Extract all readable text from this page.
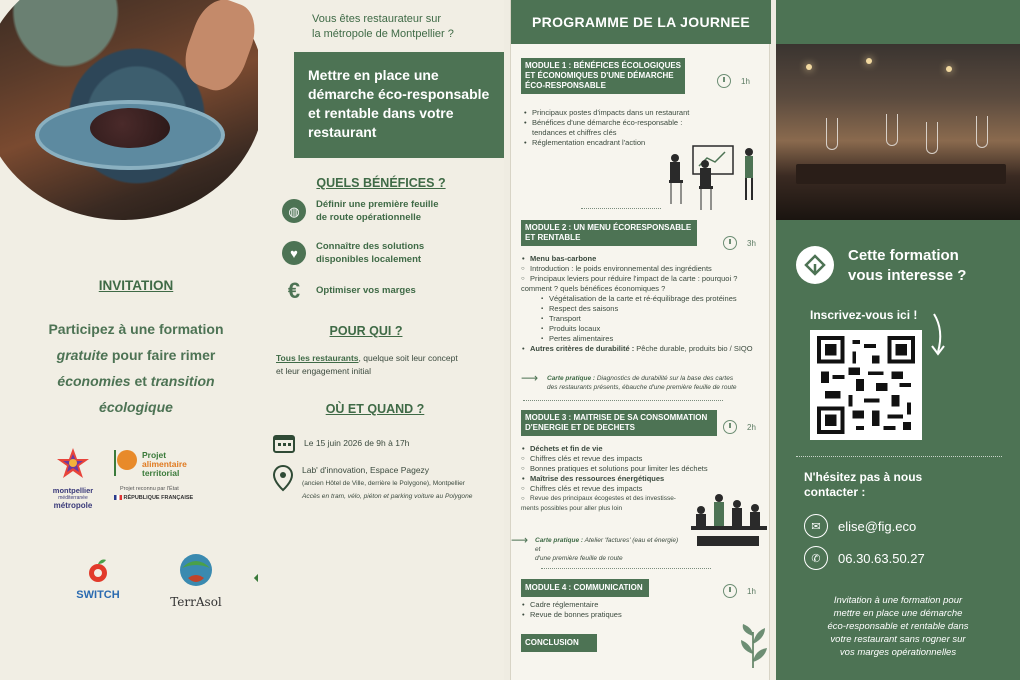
INVITATION
Participez à une formation
gratuite pour faire rimer
économies et transition
écologique
montpellier
méditerranée
métropole
Projet
alimentaire
territorial
Projet reconnu par l'État
RÉPUBLIQUE FRANÇAISE
SWITCH	TerrAsol
Vous êtes restaurateur sur
la métropole de Montpellier ?
Mettre en place une
démarche éco-responsable
et rentable dans votre
restaurant
QUELS BÉNÉFICES ?
◍	Définir une première feuille
de route opérationnelle
♥	Connaître des solutions
disponibles localement
€	Optimiser vos marges
POUR QUI ?
Tous les restaurants, quelque soit leur concept
et leur engagement initial
OÙ ET QUAND ?
Le 15 juin 2026 de 9h à 17h
Lab' d'innovation, Espace Pagezy
(ancien Hôtel de Ville, derrière le Polygone), Montpellier
Accès en tram, vélo, piéton et parking voiture au Polygone
PROGRAMME DE LA JOURNEE
MODULE 1 : BÉNÉFICES ÉCOLOGIQUES
ET ÉCONOMIQUES D'UNE DÉMARCHE
ÉCO-RESPONSABLE	1h
• Principaux postes d'impacts dans un restaurant
• Bénéfices d'une démarche éco-responsable :
tendances et chiffres clés
• Réglementation encadrant l'action
MODULE 2 : UN MENU ÉCORESPONSABLE
ET RENTABLE
3h
• Menu bas-carbone
○ Introduction : le poids environnemental des ingrédients
○ Principaux leviers pour réduire l'impact de la carte : pourquoi ?
comment ? quels bénéfices économiques ?
▪ Végétalisation de la carte et ré-équilibrage des protéines
▪ Respect des saisons
▪ Transport
▪ Produits locaux
▪ Pertes alimentaires
• Autres critères de durabilité : Pêche durable, produits bio / SIQO
⟶ Carte pratique : Diagnostics de durabilité sur la base des cartes
des restaurants présents, ébauche d'une première feuille de route
MODULE 3 : MAITRISE DE SA CONSOMMATION
D'ENERGIE ET DE DECHETS	2h
• Déchets et fin de vie
○ Chiffres clés et revue des impacts
○ Bonnes pratiques et solutions pour limiter les déchets
• Maîtrise des ressources énergétiques
○ Chiffres clés et revue des impacts
○ Revue des principaux écogestes et des investisse-
ments possibles pour aller plus loin
⟶ Carte pratique : Atelier 'factures' (eau et énergie) et
d'une première feuille de route
MODULE 4 : COMMUNICATION	1h
• Cadre réglementaire
• Revue de bonnes pratiques
CONCLUSION
Cette formation
vous interesse ?
Inscrivez-vous ici !
N'hésitez pas à nous
contacter :
✉	elise@fig.eco
✆	06.30.63.50.27
Invitation à une formation pour
mettre en place une démarche
éco-responsable et rentable dans
votre restaurant sans rogner sur
vos marges opérationnelles
